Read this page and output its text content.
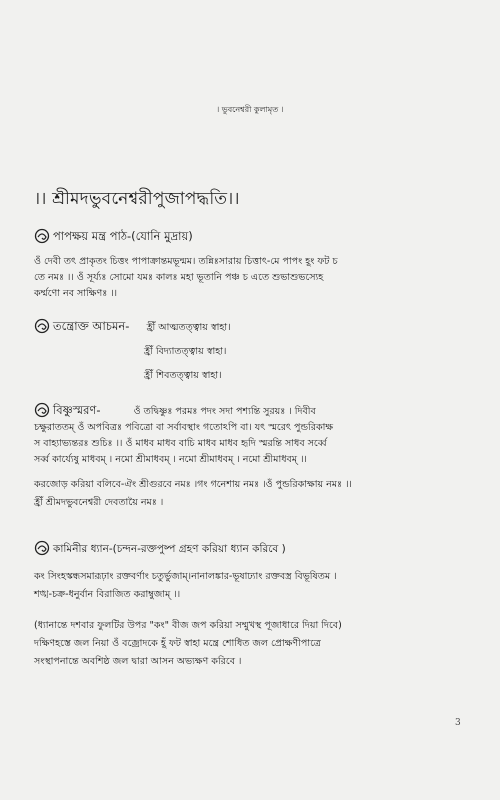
। ভুবনেশ্বরী কুলামৃত ।
।। শ্রীমদভুবনেশ্বরীপুজাপদ্ধতি।।
পাপক্ষয় মন্ত্র পাঠ-(যোনি মুদ্রায়)
ওঁ দেবী তৎ প্রাকৃতং চিত্তং পাপাক্রান্তমভূন্মম। তন্নিঃসারায় চিত্তাৎ-মে পাপং হূং ফট চ
তে নমঃ ।। ওঁ সূর্য্যঃ সোমো যমঃ কালঃ মহা ভূতানি পঞ্চ চ এতে শুভাশুভস্যেহ
কর্ম্মণো নব সাক্ষিণঃ ।।
তন্ত্রোক্ত আচমন- হ্রীঁ আত্মতত্ত্বায় স্বাহা।
হ্রীঁ বিদ্যাতত্ত্বায় স্বাহা।
হ্রীঁ শিবতত্ত্বায় স্বাহা।
বিষ্ণুস্মরণ-	ওঁ তদ্বিষ্ণুঃ পরমঃ পদং সদা পশ্যন্তি সুরয়ঃ । দিবীব
চক্ষুরাততম্‌ ওঁ অপবিত্রঃ পবিত্রো বা সর্বাবস্থাং গতোঽপি বা। যৎ স্মরেৎ পুন্ডরিকাক্ষ
স বাহ্যাভ্যন্তরঃ শুচিঃ ।। ওঁ মাধব মাধব বাচি মাধব মাধব হৃদি স্মরন্তি সাধব সর্ব্বে
সর্ব্ব কার্য্যেষু মাধবম্‌ । নমো শ্রীমাধবম্‌ । নমো শ্রীমাধবম্‌ । নমো শ্রীমাধবম্‌ ।।
করজোড় করিয়া বলিবে-ঐং শ্রীগুরবে নমঃ ।গং গনেশায় নমঃ ।ওঁ পুন্ডরিকাক্ষায় নমঃ ।।
হ্রীঁ শ্রীমদভুবনেশ্বরী দেবতায়ৈ নমঃ ।
কামিনীর ধ্যান-(চন্দন-রক্তপুষ্প গ্রহণ করিয়া ধ্যান করিবে )
কং সিংহস্কন্ধসমারূঢ়াং রক্তবর্ণাং চতুর্ভুজাম্‌।নানালঙ্কার-ভূষাঢ্যাং রক্তবস্ত্র বিভূষিতম ।
শঙ্খ-চক্র-ধনুর্বান বিরাজিত করাম্বুজাম্‌ ।।
(ধ্যানান্তে দশবার ফুলটির উপর "কং" বীজ জপ করিয়া সম্মুখস্থ পূজাধারে দিয়া দিবে)
দক্ষিণহস্তে জল নিয়া ওঁ বজ্রোদকে হূঁ ফট স্বাহা মন্ত্রে শোধিত জল প্রোক্ষণীপাত্রে
সংস্থাপনান্তে অবশিষ্ঠ জল দ্বারা আসন অভ্যক্ষণ করিবে ।
3
